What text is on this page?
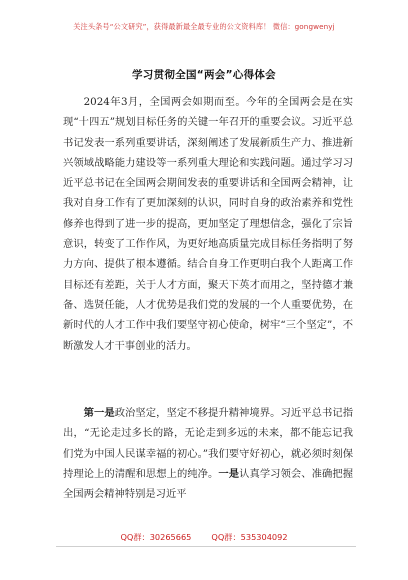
关注头条号“公文研究”，获得最新最全最专业的公文资料库！ 微信：gongwenyj
学习贯彻全国“两会”心得体会

2024年3月，全国两会如期而至。今年的全国两会是在实现“十四五”规划目标任务的关键一年召开的重要会议。习近平总书记发表一系列重要讲话，深刻阐述了发展新质生产力、推进新兴领域战略能力建设等一系列重大理论和实践问题。通过学习习近平总书记在全国两会期间发表的重要讲话和全国两会精神，让我对自身工作有了更加深刻的认识，同时自身的政治素养和党性修养也得到了进一步的提高，更加坚定了理想信念，强化了宗旨意识，转变了工作作风，为更好地高质量完成目标任务指明了努力方向、提供了根本遵循。结合自身工作更明白我个人距离工作目标还有差距，关于人才方面，聚天下英才而用之，坚持德才兼备、选贤任能，人才优势是我们党的发展的一个人重要优势，在新时代的人才工作中我们要坚守初心使命，树牢“三个坚定”，不断激发人才干事创业的活力。

第一是政治坚定，坚定不移提升精神境界。习近平总书记指出，“无论走过多长的路，无论走到多远的未来，都不能忘记我们党为中国人民谋幸福的初心。”我们要守好初心，就必须时刻保持理论上的清醒和思想上的纯净。一是认真学习领会、准确把握全国两会精神特别是习近平

QQ群：30265665 QQ群：535304092
